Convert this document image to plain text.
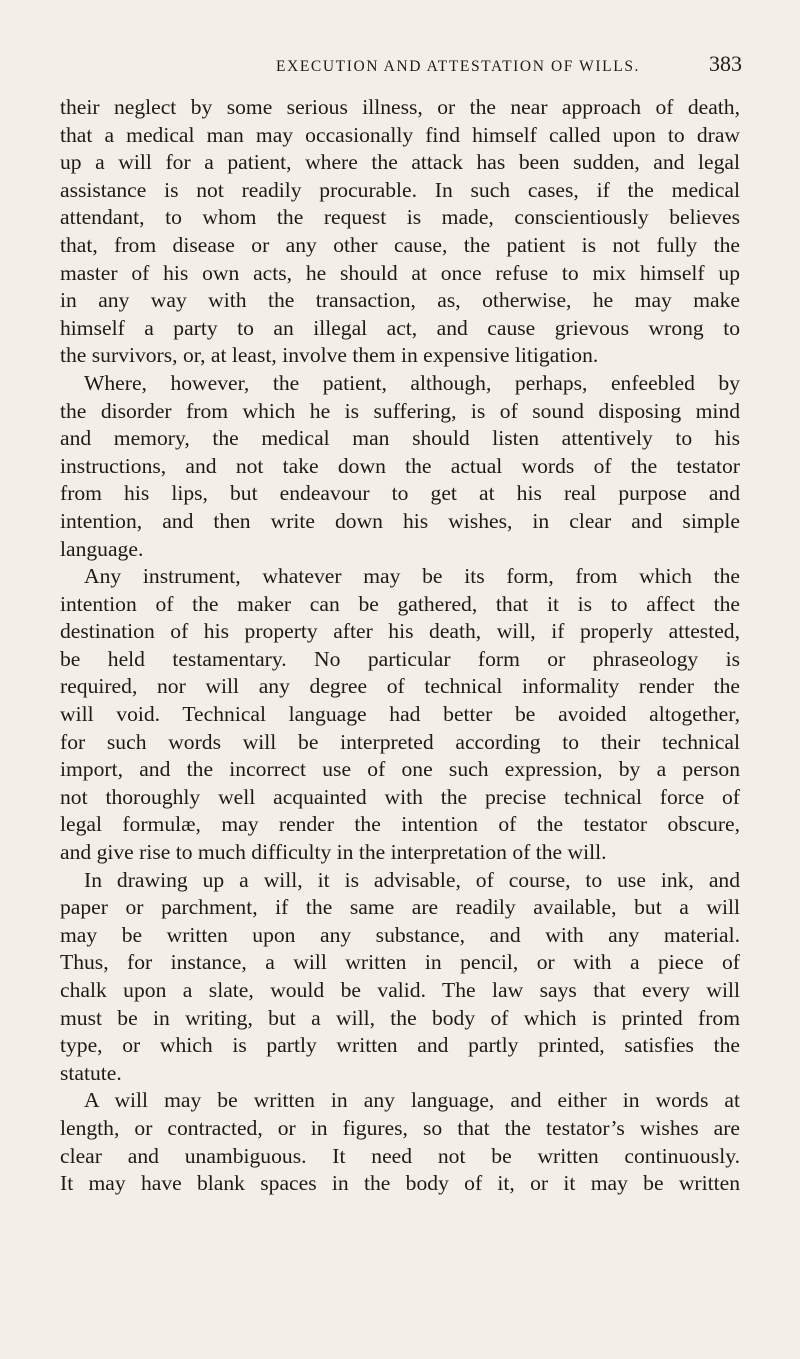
EXECUTION AND ATTESTATION OF WILLS.	383
their neglect by some serious illness, or the near approach of death,
that a medical man may occasionally find himself called upon to draw
up a will for a patient, where the attack has been sudden, and legal
assistance is not readily procurable. In such cases, if the medical
attendant, to whom the request is made, conscientiously believes
that, from disease or any other cause, the patient is not fully the
master of his own acts, he should at once refuse to mix himself up
in any way with the transaction, as, otherwise, he may make
himself a party to an illegal act, and cause grievous wrong to
the survivors, or, at least, involve them in expensive litigation.
Where, however, the patient, although, perhaps, enfeebled by
the disorder from which he is suffering, is of sound disposing mind
and memory, the medical man should listen attentively to his
instructions, and not take down the actual words of the testator
from his lips, but endeavour to get at his real purpose and
intention, and then write down his wishes, in clear and simple
language.
Any instrument, whatever may be its form, from which the
intention of the maker can be gathered, that it is to affect the
destination of his property after his death, will, if properly attested,
be held testamentary. No particular form or phraseology is
required, nor will any degree of technical informality render the
will void. Technical language had better be avoided altogether,
for such words will be interpreted according to their technical
import, and the incorrect use of one such expression, by a person
not thoroughly well acquainted with the precise technical force of
legal formulæ, may render the intention of the testator obscure,
and give rise to much difficulty in the interpretation of the will.
In drawing up a will, it is advisable, of course, to use ink, and
paper or parchment, if the same are readily available, but a will
may be written upon any substance, and with any material.
Thus, for instance, a will written in pencil, or with a piece of
chalk upon a slate, would be valid. The law says that every will
must be in writing, but a will, the body of which is printed from
type, or which is partly written and partly printed, satisfies the
statute.
A will may be written in any language, and either in words at
length, or contracted, or in figures, so that the testator’s wishes are
clear and unambiguous. It need not be written continuously.
It may have blank spaces in the body of it, or it may be written
